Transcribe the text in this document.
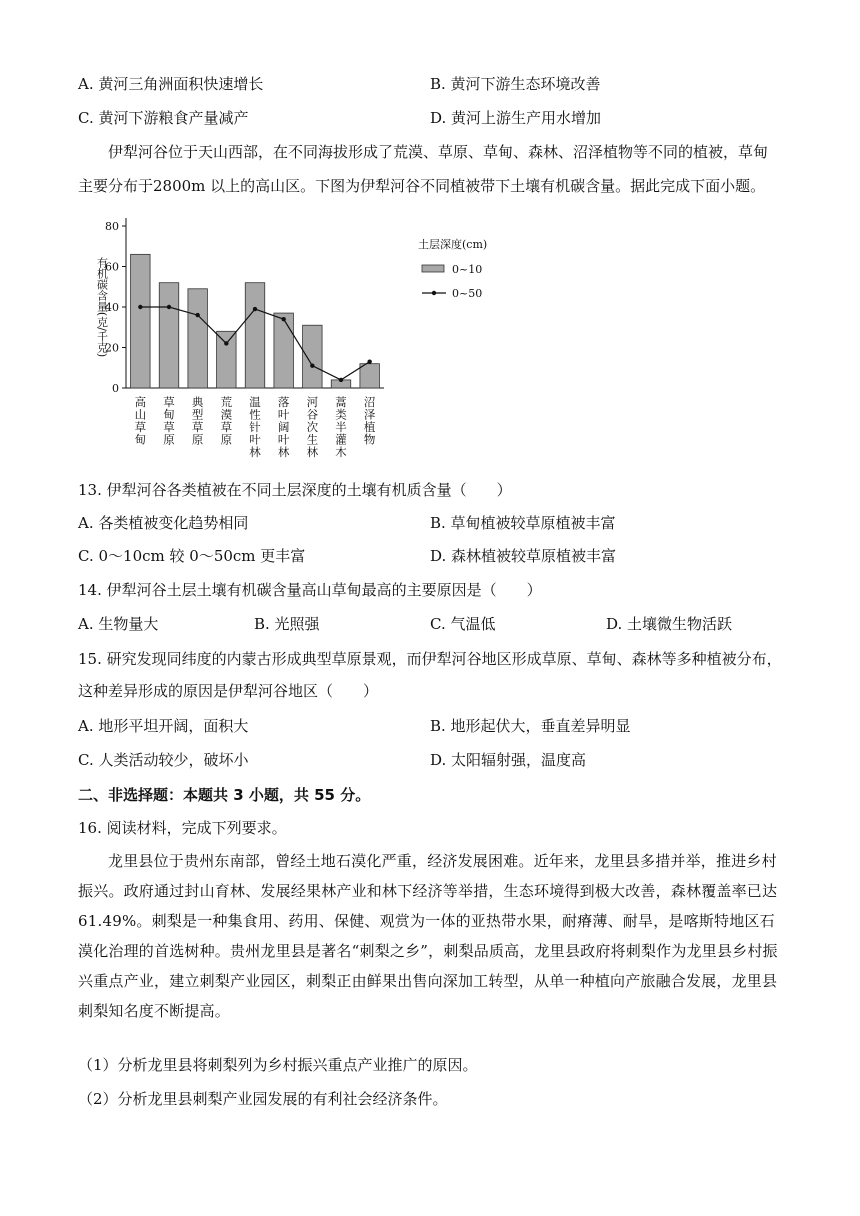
A. 黄河三角洲面积快速增长	B. 黄河下游生态环境改善
C. 黄河下游粮食产量减产	D. 黄河上游生产用水增加
伊犁河谷位于天山西部，在不同海拔形成了荒漠、草原、草甸、森林、沼泽植物等不同的植被，草甸
主要分布于2800m 以上的高山区。下图为伊犁河谷不同植被带下土壤有机碳含量。据此完成下面小题。
80
60
40
20
0
有机碳含量(克/千克)
高山草甸 草甸草原 典型草原 荒漠草原 温性针叶林 落叶阔叶林 河谷次生林 蒿类半灌木 沼泽植物
土层深度(cm)
0~10
0~50
13. 伊犁河谷各类植被在不同土层深度的土壤有机质含量（　　）
A. 各类植被变化趋势相同	B. 草甸植被较草原植被丰富
C. 0～10cm 较 0～50cm 更丰富	D. 森林植被较草原植被丰富
14. 伊犁河谷土层土壤有机碳含量高山草甸最高的主要原因是（　　）
A. 生物量大	B. 光照强	C. 气温低	D. 土壤微生物活跃
15. 研究发现同纬度的内蒙古形成典型草原景观，而伊犁河谷地区形成草原、草甸、森林等多种植被分布，
这种差异形成的原因是伊犁河谷地区（　　）
A. 地形平坦开阔，面积大	B. 地形起伏大，垂直差异明显
C. 人类活动较少，破坏小	D. 太阳辐射强，温度高
二、非选择题：本题共 3 小题，共 55 分。
16. 阅读材料，完成下列要求。
龙里县位于贵州东南部，曾经土地石漠化严重，经济发展困难。近年来，龙里县多措并举，推进乡村振兴。政府通过封山育林、发展经果林产业和林下经济等举措，生态环境得到极大改善，森林覆盖率已达61.49%。刺梨是一种集食用、药用、保健、观赏为一体的亚热带水果，耐瘠薄、耐旱，是喀斯特地区石漠化治理的首选树种。贵州龙里县是著名“刺梨之乡”，刺梨品质高，龙里县政府将刺梨作为龙里县乡村振兴重点产业，建立刺梨产业园区，刺梨正由鲜果出售向深加工转型，从单一种植向产旅融合发展，龙里县刺梨知名度不断提高。
（1）分析龙里县将刺梨列为乡村振兴重点产业推广的原因。
（2）分析龙里县刺梨产业园发展的有利社会经济条件。
